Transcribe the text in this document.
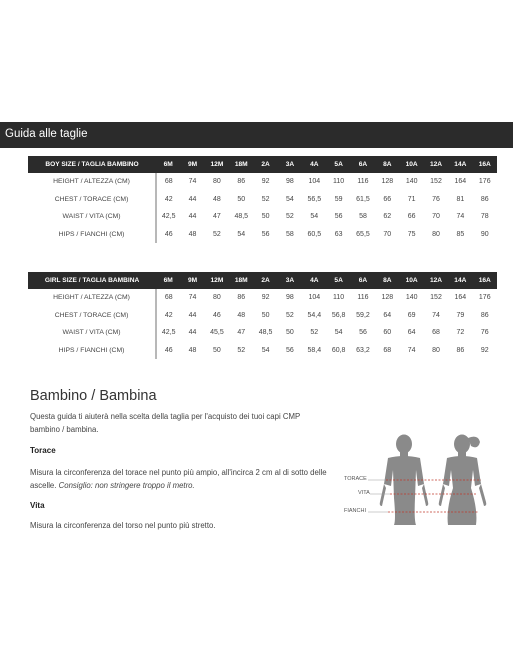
Guida alle taglie
BOY SIZE / TAGLIA BAMBINO	6M	9M	12M	18M	2A	3A	4A	5A	6A	8A	10A	12A	14A	16A
HEIGHT / ALTEZZA (CM)	68	74	80	86	92	98	104	110	116	128	140	152	164	176
CHEST / TORACE (CM)	42	44	48	50	52	54	56,5	59	61,5	66	71	76	81	86
WAIST / VITA (CM)	42,5	44	47	48,5	50	52	54	56	58	62	66	70	74	78
HIPS / FIANCHI (CM)	46	48	52	54	56	58	60,5	63	65,5	70	75	80	85	90
GIRL SIZE / TAGLIA BAMBINA	6M	9M	12M	18M	2A	3A	4A	5A	6A	8A	10A	12A	14A	16A
HEIGHT / ALTEZZA (CM)	68	74	80	86	92	98	104	110	116	128	140	152	164	176
CHEST / TORACE (CM)	42	44	46	48	50	52	54,4	56,8	59,2	64	69	74	79	86
WAIST / VITA (CM)	42,5	44	45,5	47	48,5	50	52	54	56	60	64	68	72	76
HIPS / FIANCHI (CM)	46	48	50	52	54	56	58,4	60,8	63,2	68	74	80	86	92
Bambino / Bambina
Questa guida ti aiuterà nella scelta della taglia per l'acquisto dei tuoi capi CMP bambino / bambina.
Torace
Misura la circonferenza del torace nel punto più ampio, all'incirca 2 cm al di sotto delle ascelle. Consiglio: non stringere troppo il metro.
Vita
Misura la circonferenza del torso nel punto più stretto.
TORACE
VITA
FIANCHI
